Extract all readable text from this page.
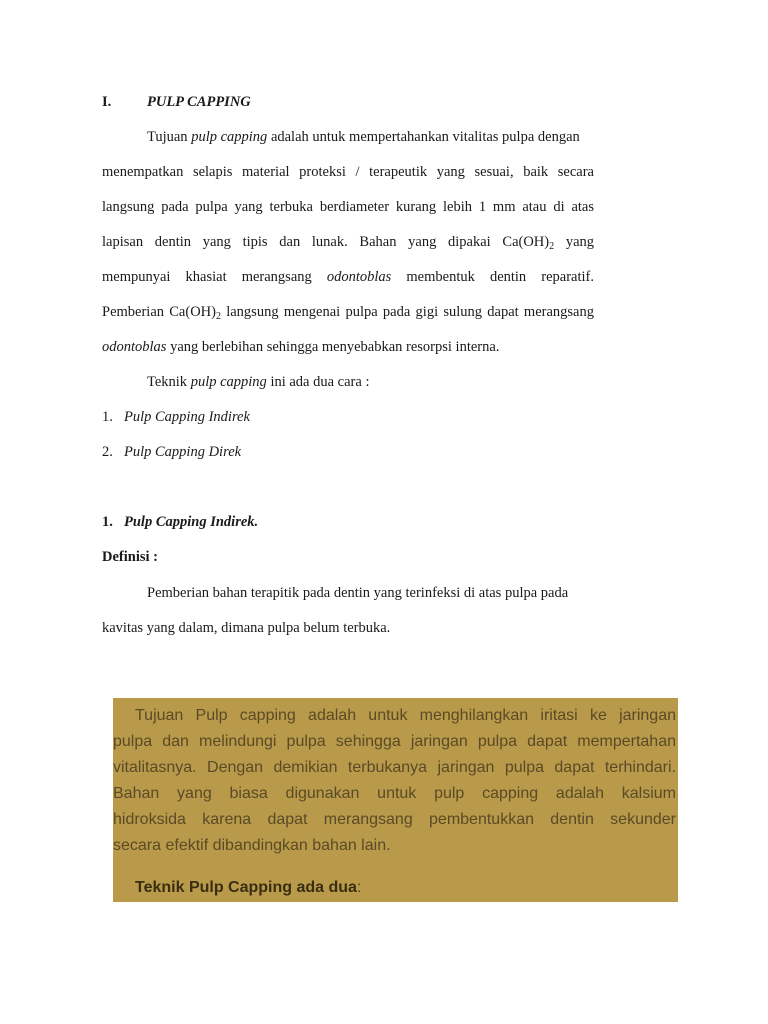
I. PULP CAPPING
Tujuan pulp capping adalah untuk mempertahankan vitalitas pulpa dengan
menempatkan selapis material proteksi / terapeutik yang sesuai, baik secara
langsung pada pulpa yang terbuka berdiameter kurang lebih 1 mm atau di atas
lapisan dentin yang tipis dan lunak. Bahan yang dipakai $Ca(OH)_2$ yang
mempunyai khasiat merangsang odontoblas membentuk dentin reparatif.
Pemberian $Ca(OH)_2$ langsung mengenai pulpa pada gigi sulung dapat merangsang
odontoblas yang berlebihan sehingga menyebabkan resorpsi interna.
Teknik pulp capping ini ada dua cara :
1. Pulp Capping Indirek
2. Pulp Capping Direk
1. Pulp Capping Indirek.
Definisi :
Pemberian bahan terapitik pada dentin yang terinfeksi di atas pulpa pada
kavitas yang dalam, dimana pulpa belum terbuka.
Tujuan Pulp capping adalah untuk menghilangkan iritasi ke jaringan
pulpa dan melindungi pulpa sehingga jaringan pulpa dapat mempertahan
vitalitasnya. Dengan demikian terbukanya jaringan pulpa dapat terhindari.
Bahan yang biasa digunakan untuk pulp capping adalah kalsium
hidroksida karena dapat merangsang pembentukkan dentin sekunder
secara efektif dibandingkan bahan lain.
Teknik Pulp Capping ada dua:
